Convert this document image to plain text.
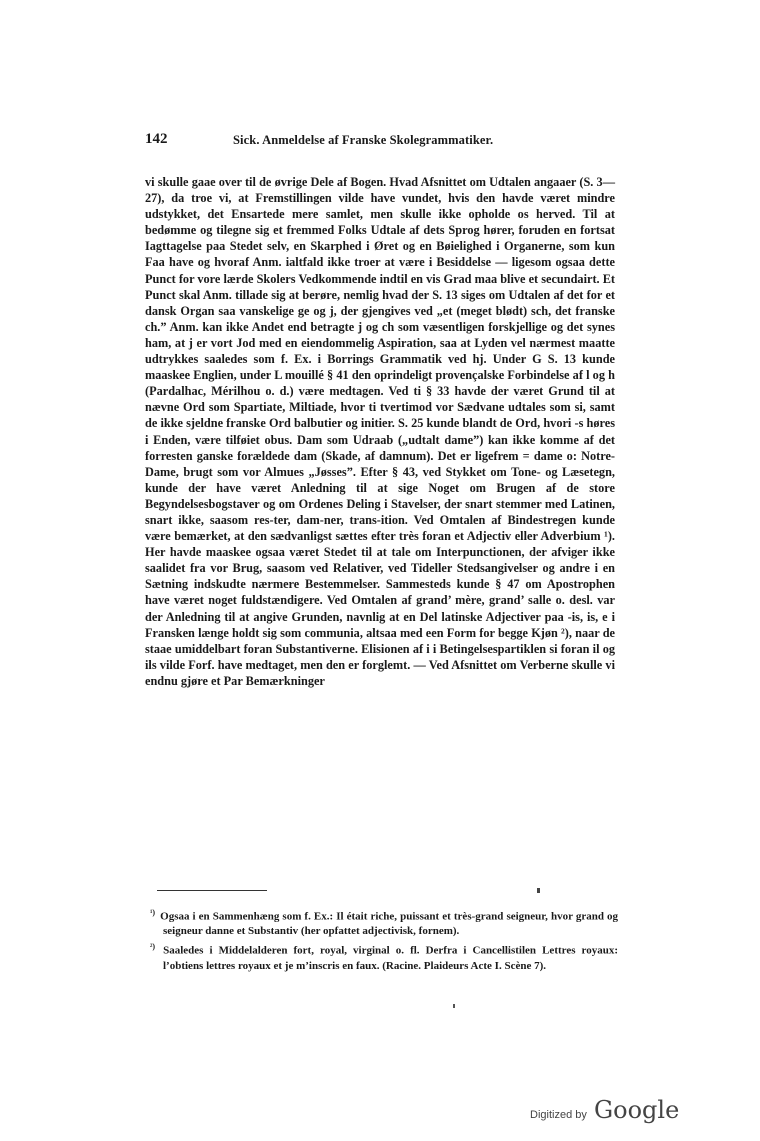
142	Sick. Anmeldelse af Franske Skolegrammatiker.

vi skulle gaae over til de øvrige Dele af Bogen. Hvad Afsnittet om Udtalen angaaer (S. 3—27), da troe vi, at Fremstillingen vilde have vundet, hvis den havde været mindre udstykket, det Ensartede mere samlet, men skulle ikke opholde os herved. Til at bedømme og tilegne sig et fremmed Folks Udtale af dets Sprog hører, foruden en fortsat Iagttagelse paa Stedet selv, en Skarphed i Øret og en Bøielighed i Organerne, som kun Faa have og hvoraf Anm. ialtfald ikke troer at være i Besiddelse — ligesom ogsaa dette Punct for vore lærde Skolers Vedkommende indtil en vis Grad maa blive et secundairt. Et Punct skal Anm. tillade sig at berøre, nemlig hvad der S. 13 siges om Udtalen af det for et dansk Organ saa vanskelige ge og j, der gjengives ved „et (meget blødt) sch, det franske ch.” Anm. kan ikke Andet end betragte j og ch som væsentligen forskjellige og det synes ham, at j er vort Jod med en eiendommelig Aspiration, saa at Lyden vel nærmest maatte udtrykkes saaledes som f. Ex. i Borrings Grammatik ved hj. Under G S. 13 kunde maaskee Englien, under L mouillé § 41 den oprindeligt provençalske Forbindelse af l og h (Pardalhac, Mérilhou o. d.) være medtagen. Ved ti § 33 havde der været Grund til at nævne Ord som Spartiate, Miltiade, hvor ti tvertimod vor Sædvane udtales som si, samt de ikke sjeldne franske Ord balbutier og initier. S. 25 kunde blandt de Ord, hvori -s høres i Enden, være tilføiet obus. Dam som Udraab („udtalt dame”) kan ikke komme af det forresten ganske forældede dam (Skade, af damnum). Det er ligefrem = dame o: Notre-Dame, brugt som vor Almues „Jøsses”. Efter § 43, ved Stykket om Tone- og Læsetegn, kunde der have været Anledning til at sige Noget om Brugen af de store Begyndelsesbogstaver og om Ordenes Deling i Stavelser, der snart stemmer med Latinen, snart ikke, saasom res-ter, dam-ner, trans-ition. Ved Omtalen af Bindestregen kunde være bemærket, at den sædvanligst sættes efter très foran et Adjectiv eller Adverbium ¹). Her havde maaskee ogsaa været Stedet til at tale om Interpunctionen, der afviger ikke saalidet fra vor Brug, saasom ved Relativer, ved Tideller Stedsangivelser og andre i en Sætning indskudte nærmere Bestemmelser. Sammesteds kunde § 47 om Apostrophen have været noget fuldstændigere. Ved Omtalen af grand’ mère, grand’ salle o. desl. var der Anledning til at angive Grunden, navnlig at en Del latinske Adjectiver paa -is, is, e i Fransken længe holdt sig som communia, altsaa med een Form for begge Kjøn ²), naar de staae umiddelbart foran Substantiverne. Elisionen af i i Betingelsespartiklen si foran il og ils vilde Forf. have medtaget, men den er forglemt. — Ved Afsnittet om Verberne skulle vi endnu gjøre et Par Bemærkninger

$^{^1)}$ Ogsaa i en Sammenhæng som f. Ex.: Il était riche, puissant et très-grand seigneur, hvor grand og seigneur danne et Substantiv (her opfattet adjectivisk, fornem).

$^{^2)}$ Saaledes i Middelalderen fort, royal, virginal o. fl. Derfra i Cancellistilen Lettres royaux: l’obtiens lettres royaux et je m’inscris en faux. (Racine. Plaideurs Acte I. Scène 7).

Digitized by Google
